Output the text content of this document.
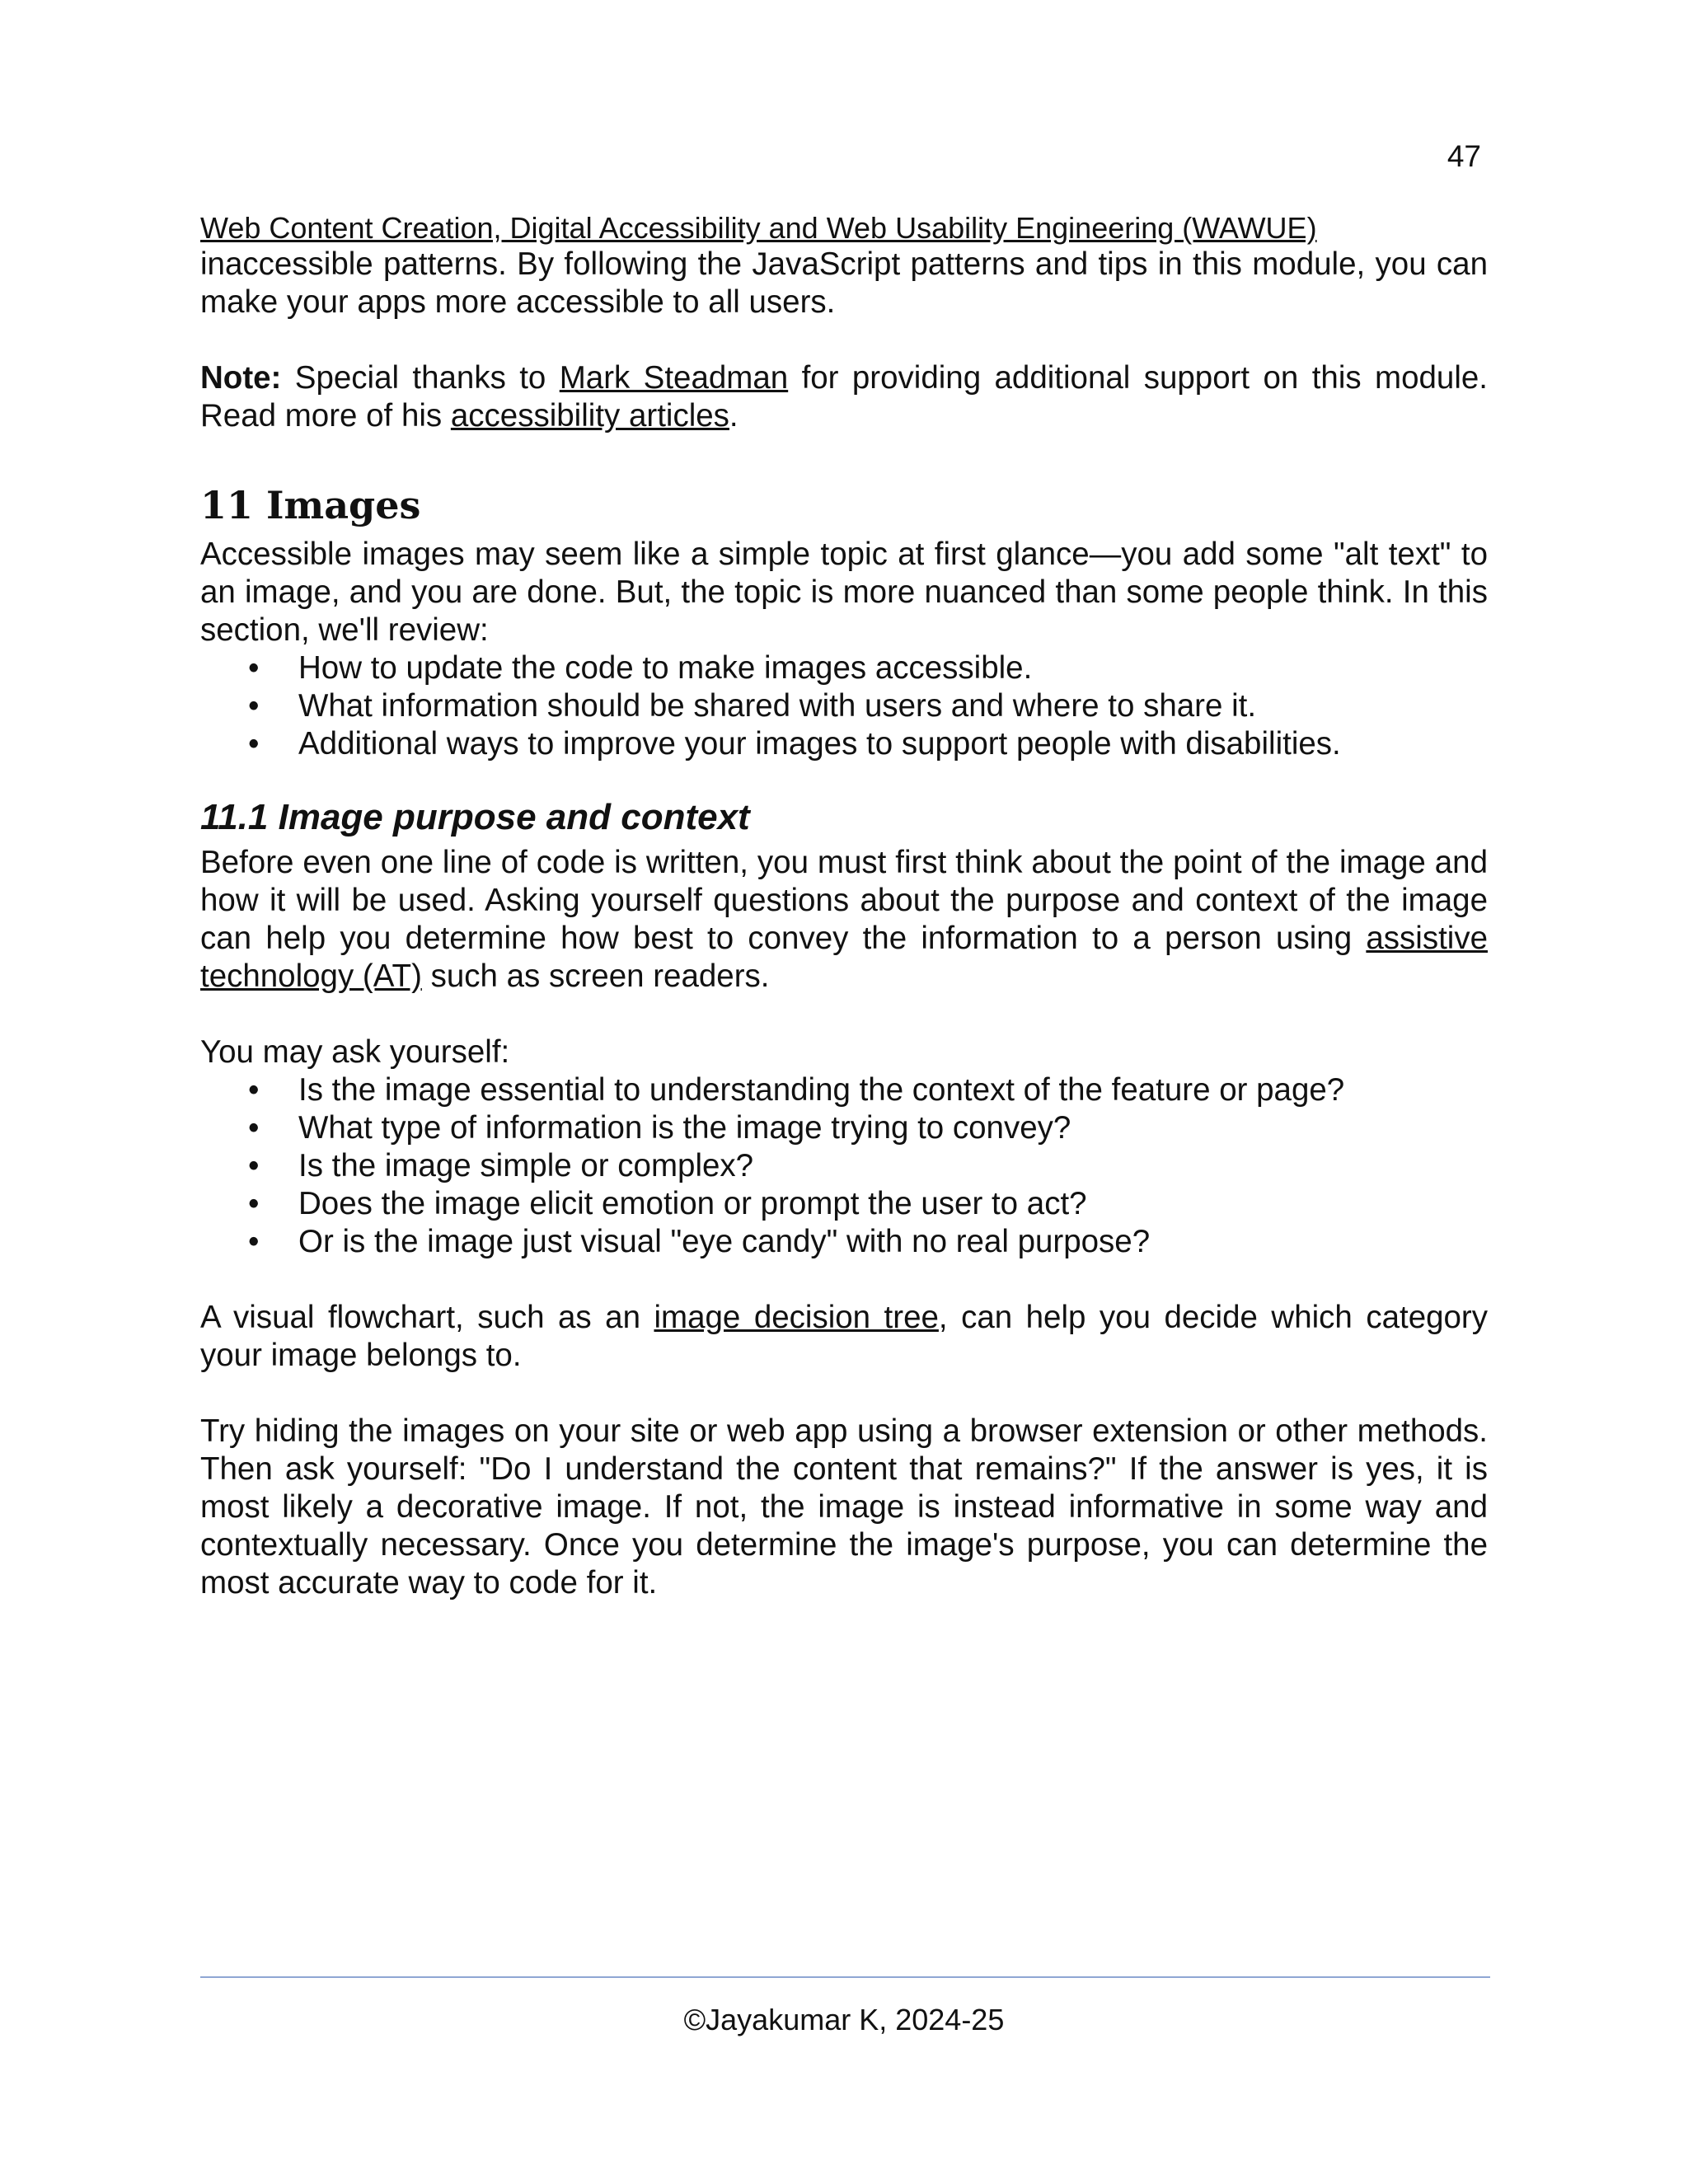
47
Web Content Creation, Digital Accessibility and Web Usability Engineering (WAWUE)

inaccessible patterns. By following the JavaScript patterns and tips in this module, you can make your apps more accessible to all users.

Note: Special thanks to Mark Steadman for providing additional support on this module. Read more of his accessibility articles.

11 Images

Accessible images may seem like a simple topic at first glance—you add some "alt text" to an image, and you are done. But, the topic is more nuanced than some people think. In this section, we'll review:

• How to update the code to make images accessible.
• What information should be shared with users and where to share it.
• Additional ways to improve your images to support people with disabilities.
11.1 Image purpose and context

Before even one line of code is written, you must first think about the point of the image and how it will be used. Asking yourself questions about the purpose and context of the image can help you determine how best to convey the information to a person using assistive technology (AT) such as screen readers.

You may ask yourself:

• Is the image essential to understanding the context of the feature or page?
• What type of information is the image trying to convey?
• Is the image simple or complex?
• Does the image elicit emotion or prompt the user to act?
• Or is the image just visual "eye candy" with no real purpose?

A visual flowchart, such as an image decision tree, can help you decide which category your image belongs to.

Try hiding the images on your site or web app using a browser extension or other methods. Then ask yourself: "Do I understand the content that remains?" If the answer is yes, it is most likely a decorative image. If not, the image is instead informative in some way and contextually necessary. Once you determine the image's purpose, you can determine the most accurate way to code for it.

©Jayakumar K, 2024-25
